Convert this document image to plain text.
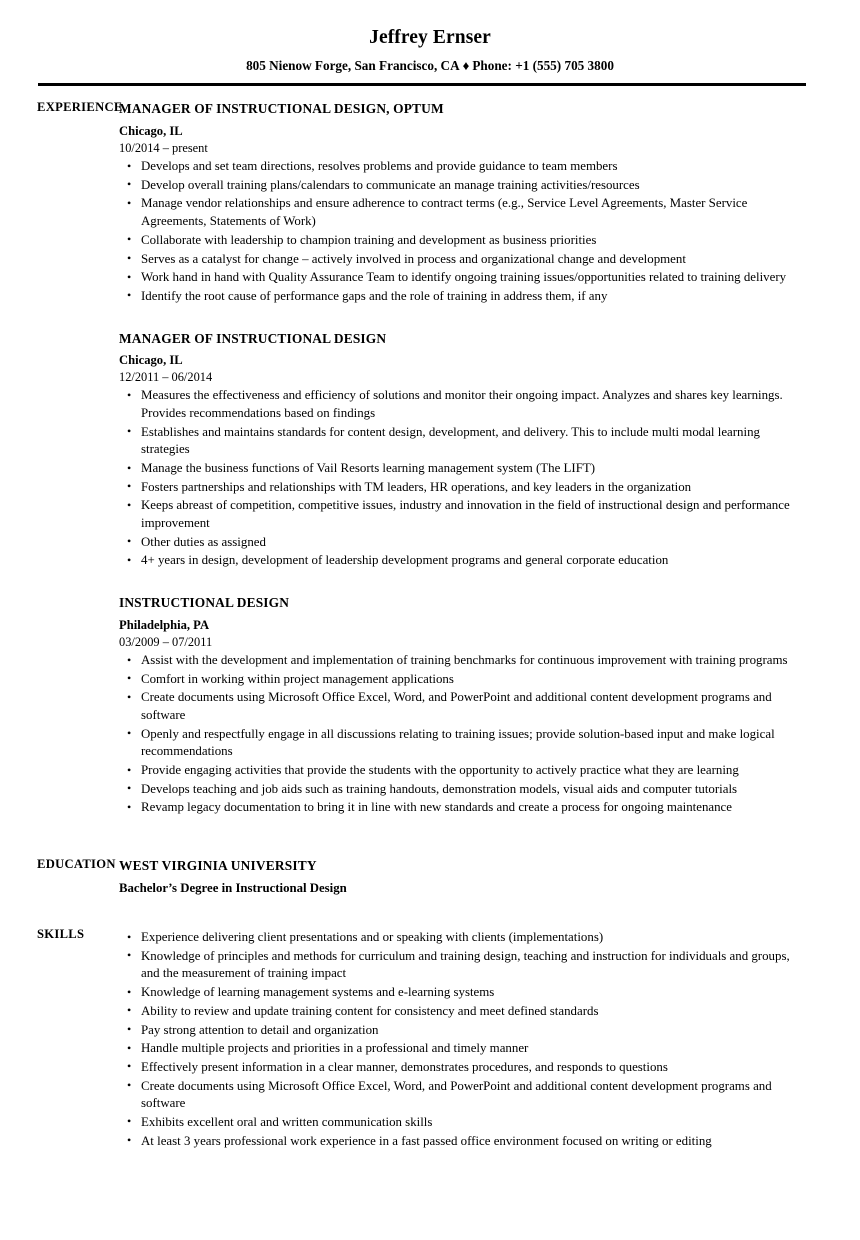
Jeffrey Ernser
805 Nienow Forge, San Francisco, CA ♦ Phone: +1 (555) 705 3800
EXPERIENCE
MANAGER OF INSTRUCTIONAL DESIGN, OPTUM
Chicago, IL
10/2014 – present
• Develops and set team directions, resolves problems and provide guidance to team members
• Develop overall training plans/calendars to communicate an manage training activities/resources
• Manage vendor relationships and ensure adherence to contract terms (e.g., Service Level Agreements, Master Service Agreements, Statements of Work)
• Collaborate with leadership to champion training and development as business priorities
• Serves as a catalyst for change – actively involved in process and organizational change and development
• Work hand in hand with Quality Assurance Team to identify ongoing training issues/opportunities related to training delivery
• Identify the root cause of performance gaps and the role of training in address them, if any
MANAGER OF INSTRUCTIONAL DESIGN
Chicago, IL
12/2011 – 06/2014
• Measures the effectiveness and efficiency of solutions and monitor their ongoing impact. Analyzes and shares key learnings. Provides recommendations based on findings
• Establishes and maintains standards for content design, development, and delivery. This to include multi modal learning strategies
• Manage the business functions of Vail Resorts learning management system (The LIFT)
• Fosters partnerships and relationships with TM leaders, HR operations, and key leaders in the organization
• Keeps abreast of competition, competitive issues, industry and innovation in the field of instructional design and performance improvement
• Other duties as assigned
• 4+ years in design, development of leadership development programs and general corporate education
INSTRUCTIONAL DESIGN
Philadelphia, PA
03/2009 – 07/2011
• Assist with the development and implementation of training benchmarks for continuous improvement with training programs
• Comfort in working within project management applications
• Create documents using Microsoft Office Excel, Word, and PowerPoint and additional content development programs and software
• Openly and respectfully engage in all discussions relating to training issues; provide solution-based input and make logical recommendations
• Provide engaging activities that provide the students with the opportunity to actively practice what they are learning
• Develops teaching and job aids such as training handouts, demonstration models, visual aids and computer tutorials
• Revamp legacy documentation to bring it in line with new standards and create a process for ongoing maintenance
EDUCATION WEST VIRGINIA UNIVERSITY
Bachelor’s Degree in Instructional Design
SKILLS	• Experience delivering client presentations and or speaking with clients (implementations)
• Knowledge of principles and methods for curriculum and training design, teaching and instruction for individuals and groups, and the measurement of training impact
• Knowledge of learning management systems and e-learning systems
• Ability to review and update training content for consistency and meet defined standards
• Pay strong attention to detail and organization
• Handle multiple projects and priorities in a professional and timely manner
• Effectively present information in a clear manner, demonstrates procedures, and responds to questions
• Create documents using Microsoft Office Excel, Word, and PowerPoint and additional content development programs and software
• Exhibits excellent oral and written communication skills
• At least 3 years professional work experience in a fast passed office environment focused on writing or editing
